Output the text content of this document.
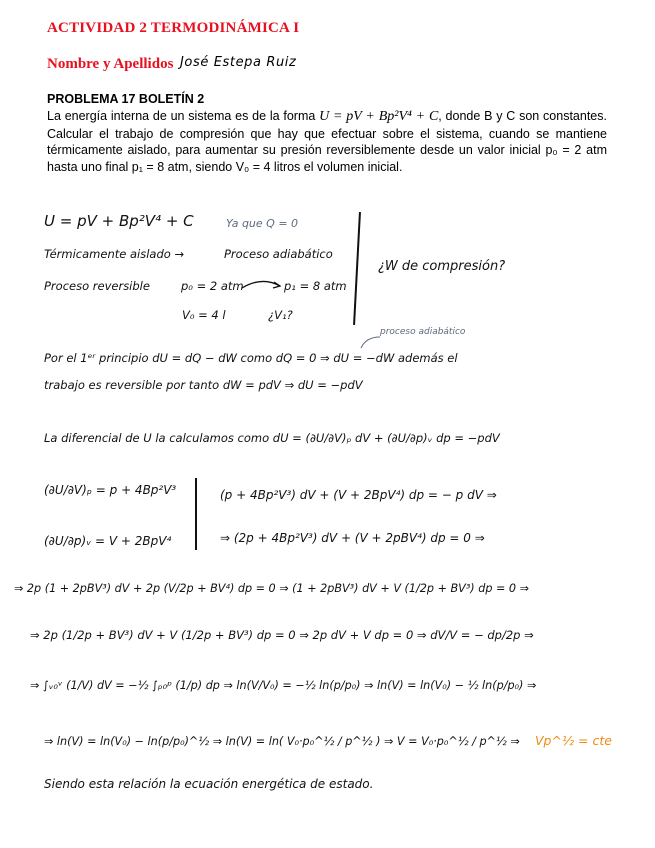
ACTIVIDAD 2 TERMODINÁMICA I
Nombre y Apellidos José Estepa Ruiz
PROBLEMA 17 BOLETÍN 2
La energía interna de un sistema es de la forma U = pV + Bp²V⁴ + C, donde B y C son constantes. Calcular el trabajo de compresión que hay que efectuar sobre el sistema, cuando se mantiene térmicamente aislado, para aumentar su presión reversiblemente desde un valor inicial p₀ = 2 atm hasta uno final p₁ = 8 atm, siendo V₀ = 4 litros el volumen inicial.
U = pV + Bp²V⁴ + C	Ya que Q = 0
Térmicamente aislado →	Proceso adiabático
Proceso reversible	p₀ = 2 atm	p₁ = 8 atm
V₀ = 4 l	¿V₁?
¿W de compresión?
proceso adiabático
Por el 1ᵉʳ principio dU = dQ − dW como dQ = 0 ⇒ dU = −dW además el
trabajo es reversible por tanto dW = pdV ⇒ dU = −pdV
La diferencial de U la calculamos como dU = (∂U/∂V)ₚ dV + (∂U/∂p)ᵥ dp = −pdV
(∂U/∂V)ₚ = p + 4Bp²V³
(∂U/∂p)ᵥ = V + 2BpV⁴
(p + 4Bp²V³) dV + (V + 2BpV⁴) dp = − p dV ⇒
⇒ (2p + 4Bp²V³) dV + (V + 2pBV⁴) dp = 0 ⇒
⇒ 2p (1 + 2pBV³) dV + 2p (V/2p + BV⁴) dp = 0 ⇒ (1 + 2pBV³) dV + V (1/2p + BV³) dp = 0 ⇒
⇒ 2p (1/2p + BV³) dV + V (1/2p + BV³) dp = 0 ⇒ 2p dV + V dp = 0 ⇒ dV/V = − dp/2p ⇒
⇒ ∫ᵥ₀ᵛ (1/V) dV = −½ ∫ₚ₀ᵖ (1/p) dp ⇒ ln(V/V₀) = −½ ln(p/p₀) ⇒ ln(V) = ln(V₀) − ½ ln(p/p₀) ⇒
⇒ ln(V) = ln(V₀) − ln(p/p₀)^½ ⇒ ln(V) = ln( V₀·p₀^½ / p^½ ) ⇒ V = V₀·p₀^½ / p^½ ⇒ Vp^½ = cte
Siendo esta relación la ecuación energética de estado.
